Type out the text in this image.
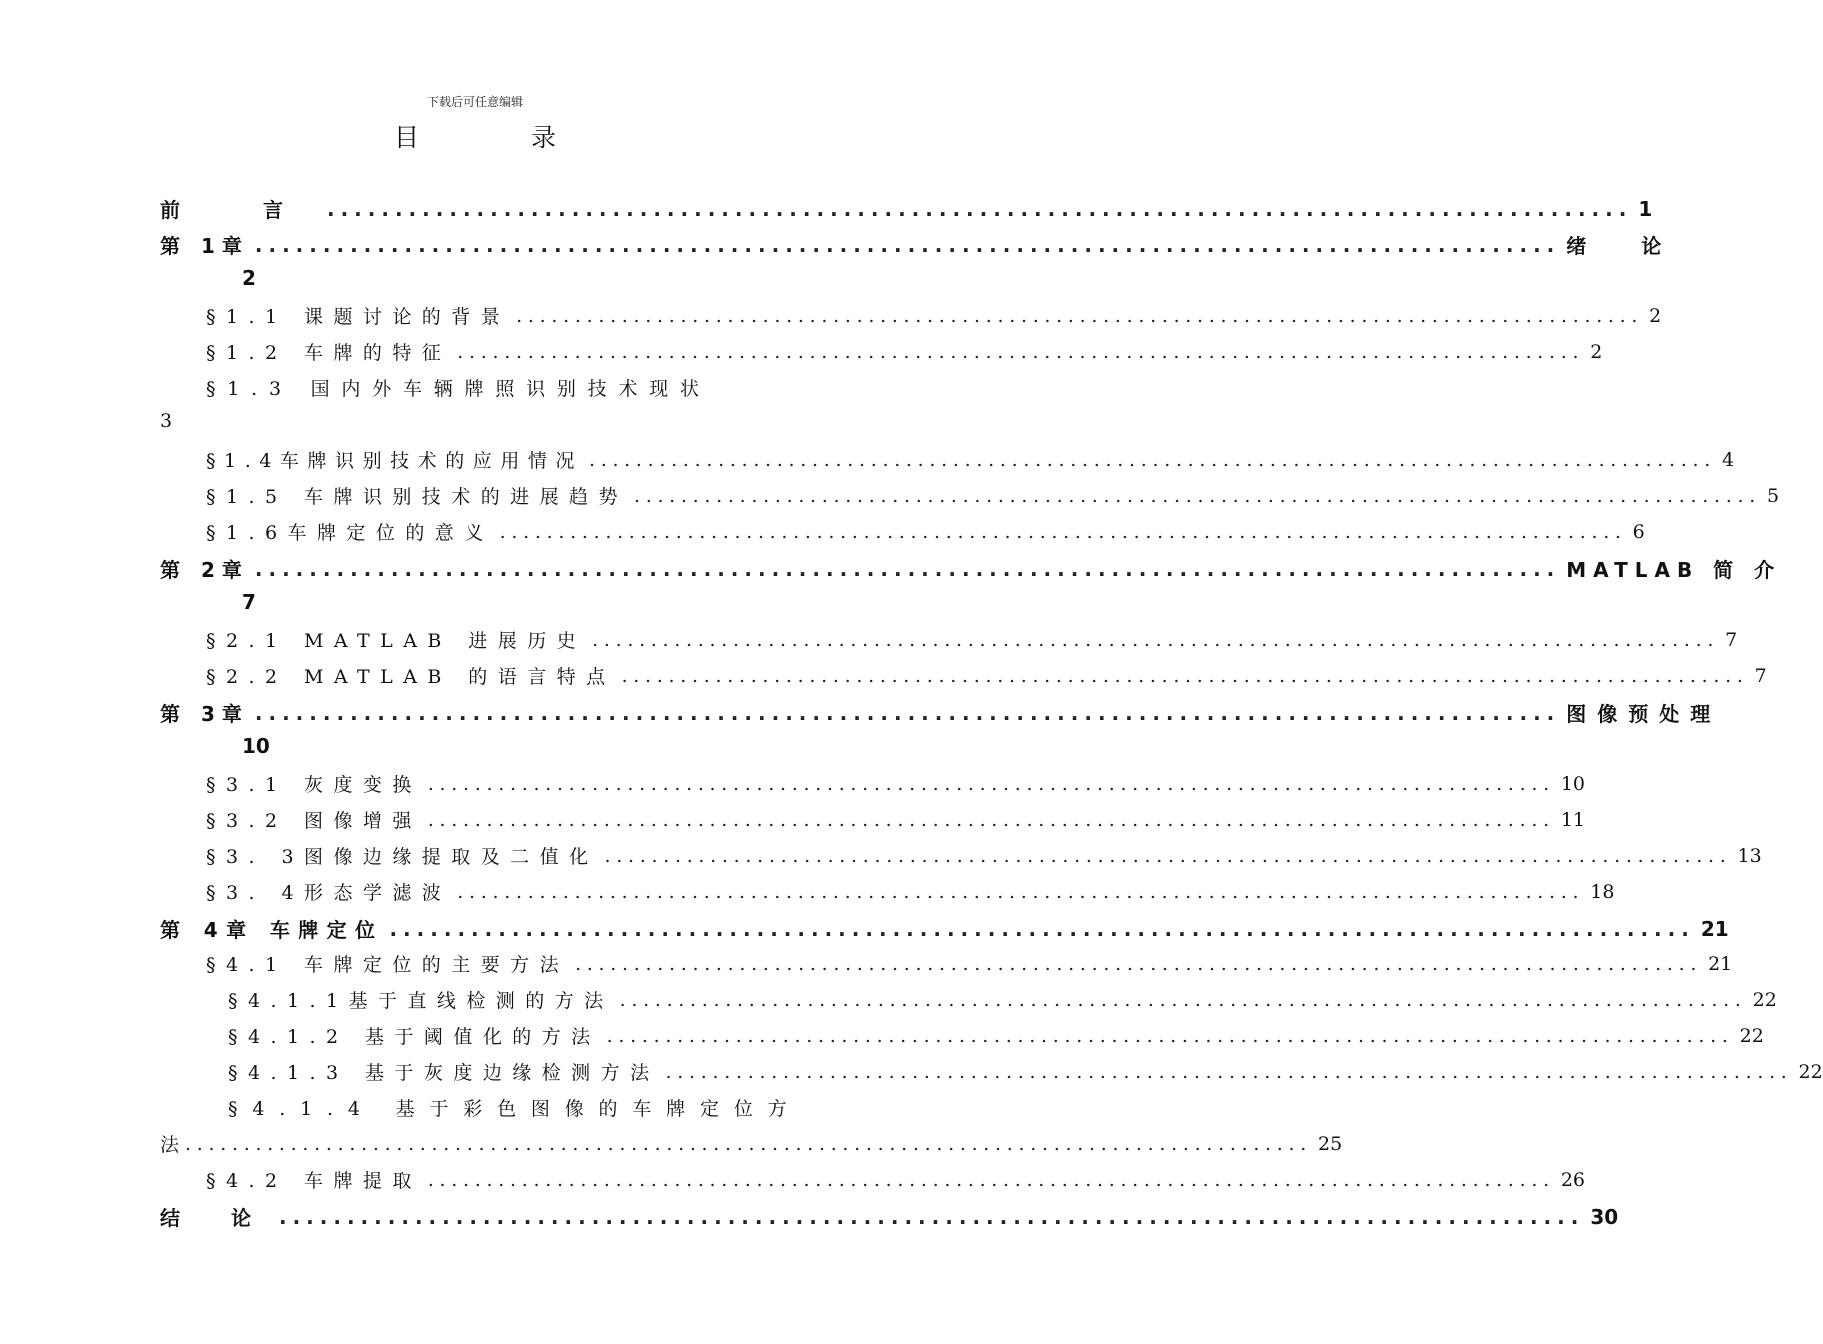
下载后可任意编辑
目 录
前 言 ................................................................................................ 1
第 1章 ................................................................................................ 绪 论
2
§1.1 课题讨论的背景 ................................................................................................ 2
§1.2 车牌的特征 ................................................................................................ 2
§1.3 国内外车辆牌照识别技术现状
3
§1.4车牌识别技术的应用情况 ................................................................................................ 4
§1.5 车牌识别技术的进展趋势 ................................................................................................ 5
§1.6车牌定位的意义 ................................................................................................ 6
第 2章 ................................................................................................ MATLAB 简 介
7
§2.1 MATLAB 进展历史 ................................................................................................ 7
§2.2 MATLAB 的语言特点 ................................................................................................ 7
第 3章 ................................................................................................ 图像预处理
10
§3.1 灰度变换 ................................................................................................ 10
§3.2 图像增强 ................................................................................................ 11
§3. 3图像边缘提取及二值化 ................................................................................................ 13
§3. 4形态学滤波 ................................................................................................ 18
第 4章 车牌定位 ................................................................................................ 21
§4.1 车牌定位的主要方法 ................................................................................................ 21
§4.1.1基于直线检测的方法 ................................................................................................ 22
§4.1.2 基于阈值化的方法 ................................................................................................ 22
§4.1.3 基于灰度边缘检测方法 ................................................................................................ 22
§4.1.4 基于彩色图像的车牌定位方
法 ................................................................................................ 25
§4.2 车牌提取 ................................................................................................ 26
结 论 ................................................................................................ 30
